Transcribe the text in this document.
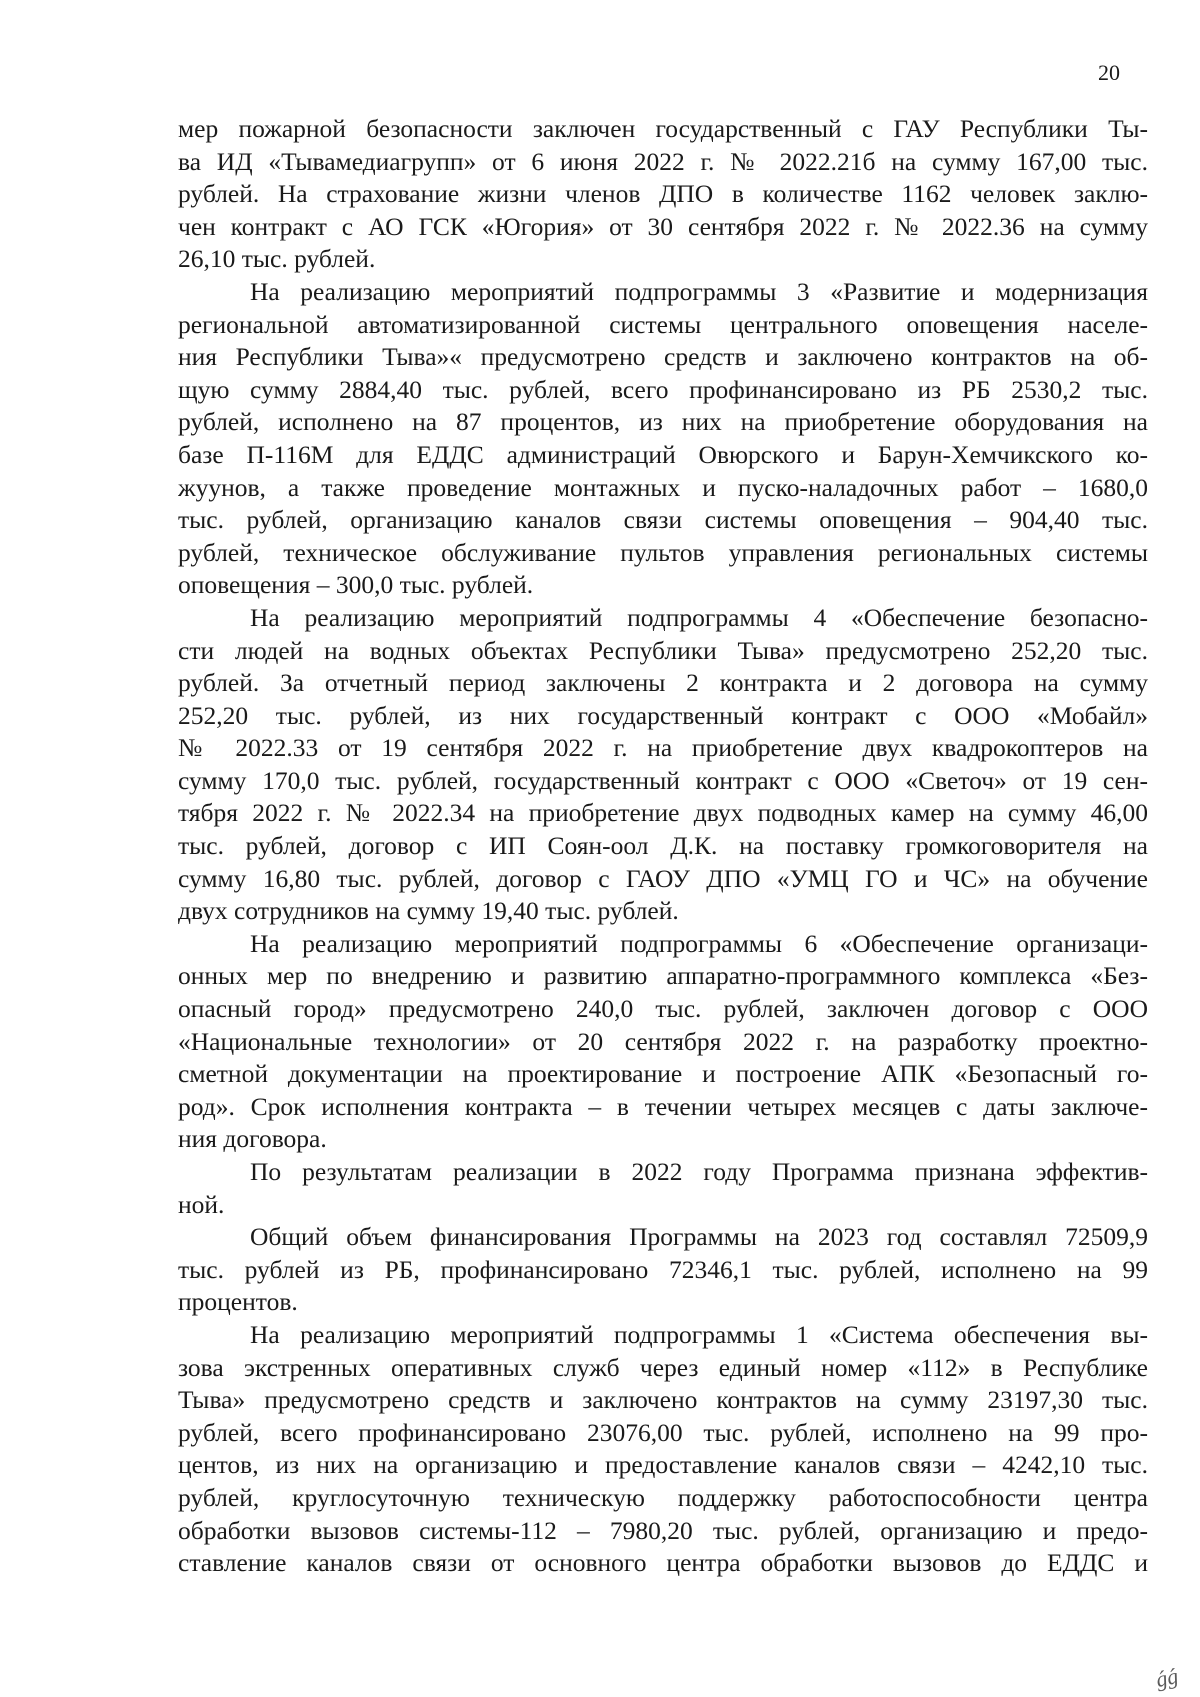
20
мер пожарной безопасности заключен государственный с ГАУ Республики Ты-
ва ИД «Тывамедиагрупп» от 6 июня 2022 г. № 2022.21б на сумму 167,00 тыс.
рублей. На страхование жизни членов ДПО в количестве 1162 человек заклю-
чен контракт с АО ГСК «Югория» от 30 сентября 2022 г. № 2022.36 на сумму
26,10 тыс. рублей.
На реализацию мероприятий подпрограммы 3 «Развитие и модернизация
региональной автоматизированной системы центрального оповещения населе-
ния Республики Тыва»« предусмотрено средств и заключено контрактов на об-
щую сумму 2884,40 тыс. рублей, всего профинансировано из РБ 2530,2 тыс.
рублей, исполнено на 87 процентов, из них на приобретение оборудования на
базе П-116М для ЕДДС администраций Овюрского и Барун-Хемчикского ко-
жуунов, а также проведение монтажных и пуско-наладочных работ – 1680,0
тыс. рублей, организацию каналов связи системы оповещения – 904,40 тыс.
рублей, техническое обслуживание пультов управления региональных системы
оповещения – 300,0 тыс. рублей.
На реализацию мероприятий подпрограммы 4 «Обеспечение безопасно-
сти людей на водных объектах Республики Тыва» предусмотрено 252,20 тыс.
рублей. За отчетный период заключены 2 контракта и 2 договора на сумму
252,20 тыс. рублей, из них государственный контракт с ООО «Мобайл»
№ 2022.33 от 19 сентября 2022 г. на приобретение двух квадрокоптеров на
сумму 170,0 тыс. рублей, государственный контракт с ООО «Светоч» от 19 сен-
тября 2022 г. № 2022.34 на приобретение двух подводных камер на сумму 46,00
тыс. рублей, договор с ИП Соян-оол Д.К. на поставку громкоговорителя на
сумму 16,80 тыс. рублей, договор с ГАОУ ДПО «УМЦ ГО и ЧС» на обучение
двух сотрудников на сумму 19,40 тыс. рублей.
На реализацию мероприятий подпрограммы 6 «Обеспечение организаци-
онных мер по внедрению и развитию аппаратно-программного комплекса «Без-
опасный город» предусмотрено 240,0 тыс. рублей, заключен договор с ООО
«Национальные технологии» от 20 сентября 2022 г. на разработку проектно-
сметной документации на проектирование и построение АПК «Безопасный го-
род». Срок исполнения контракта – в течении четырех месяцев с даты заключе-
ния договора.
По результатам реализации в 2022 году Программа признана эффектив-
ной.
Общий объем финансирования Программы на 2023 год составлял 72509,9
тыс. рублей из РБ, профинансировано 72346,1 тыс. рублей, исполнено на 99
процентов.
На реализацию мероприятий подпрограммы 1 «Система обеспечения вы-
зова экстренных оперативных служб через единый номер «112» в Республике
Тыва» предусмотрено средств и заключено контрактов на сумму 23197,30 тыс.
рублей, всего профинансировано 23076,00 тыс. рублей, исполнено на 99 про-
центов, из них на организацию и предоставление каналов связи – 4242,10 тыс.
рублей, круглосуточную техническую поддержку работоспособности центра
обработки вызовов системы-112 – 7980,20 тыс. рублей, организацию и предо-
ставление каналов связи от основного центра обработки вызовов до ЕДДС и
ǵǵ
